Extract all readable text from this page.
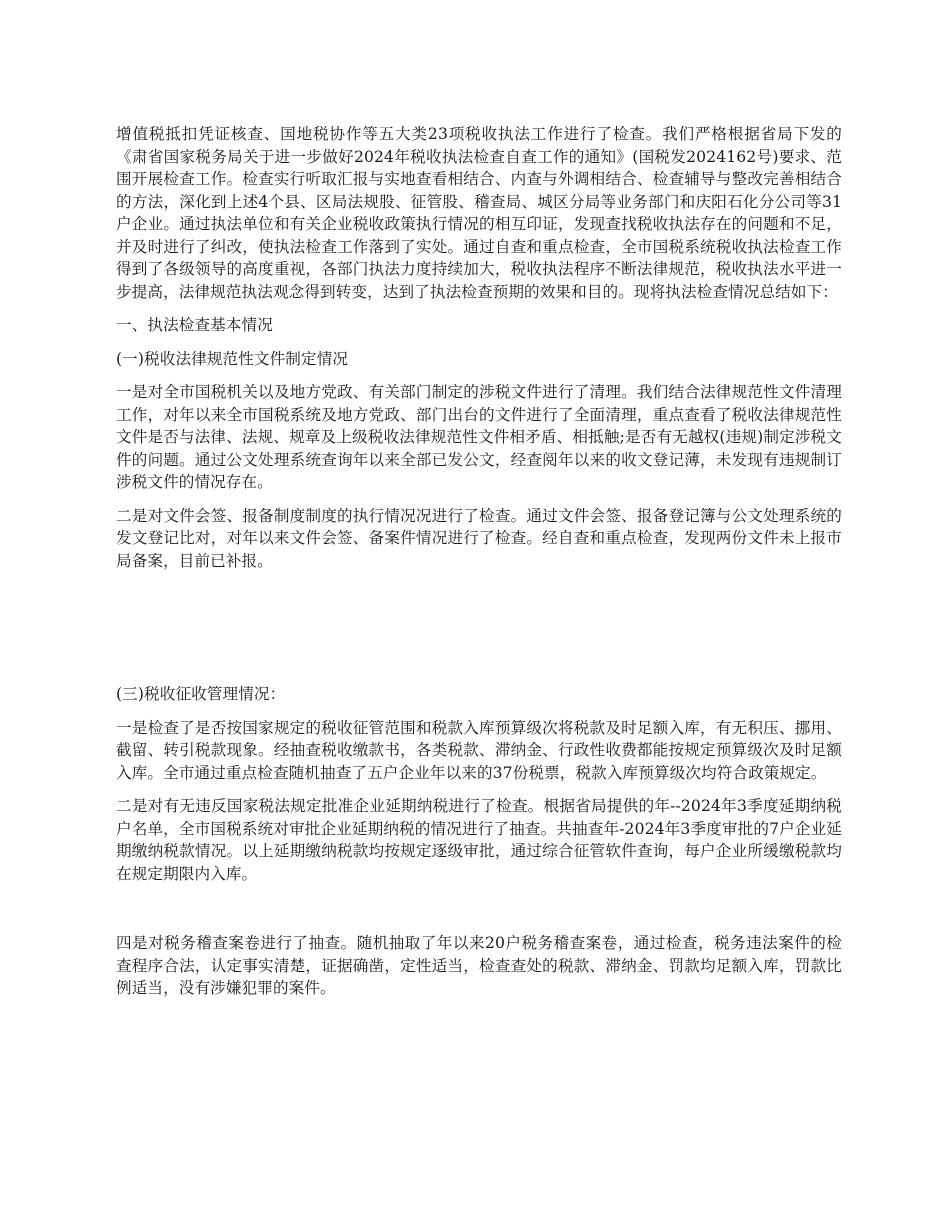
增值税抵扣凭证核查、国地税协作等五大类23项税收执法工作进行了检查。我们严格根据省局下发的《肃省国家税务局关于进一步做好2024年税收执法检查自查工作的通知》(国税发2024162号)要求、范围开展检查工作。检查实行听取汇报与实地查看相结合、内查与外调相结合、检查辅导与整改完善相结合的方法，深化到上述4个县、区局法规股、征管股、稽查局、城区分局等业务部门和庆阳石化分公司等31户企业。通过执法单位和有关企业税收政策执行情况的相互印证，发现查找税收执法存在的问题和不足，并及时进行了纠改，使执法检查工作落到了实处。通过自查和重点检查，全市国税系统税收执法检查工作得到了各级领导的高度重视，各部门执法力度持续加大，税收执法程序不断法律规范，税收执法水平进一步提高，法律规范执法观念得到转变，达到了执法检查预期的效果和目的。现将执法检查情况总结如下：

一、执法检查基本情况

(一)税收法律规范性文件制定情况

一是对全市国税机关以及地方党政、有关部门制定的涉税文件进行了清理。我们结合法律规范性文件清理工作，对年以来全市国税系统及地方党政、部门出台的文件进行了全面清理，重点查看了税收法律规范性文件是否与法律、法规、规章及上级税收法律规范性文件相矛盾、相抵触;是否有无越权(违规)制定涉税文件的问题。通过公文处理系统查询年以来全部已发公文，经查阅年以来的收文登记薄，未发现有违规制订涉税文件的情况存在。

二是对文件会签、报备制度制度的执行情况况进行了检查。通过文件会签、报备登记簿与公文处理系统的发文登记比对，对年以来文件会签、备案件情况进行了检查。经自查和重点检查，发现两份文件未上报市局备案，目前已补报。

(三)税收征收管理情况：

一是检查了是否按国家规定的税收征管范围和税款入库预算级次将税款及时足额入库，有无积压、挪用、截留、转引税款现象。经抽查税收缴款书，各类税款、滞纳金、行政性收费都能按规定预算级次及时足额入库。全市通过重点检查随机抽查了五户企业年以来的37份税票，税款入库预算级次均符合政策规定。

二是对有无违反国家税法规定批准企业延期纳税进行了检查。根据省局提供的年--2024年3季度延期纳税户名单，全市国税系统对审批企业延期纳税的情况进行了抽查。共抽查年-2024年3季度审批的7户企业延期缴纳税款情况。以上延期缴纳税款均按规定逐级审批，通过综合征管软件查询，每户企业所缓缴税款均在规定期限内入库。

四是对税务稽查案卷进行了抽查。随机抽取了年以来20户税务稽查案卷，通过检查，税务违法案件的检查程序合法，认定事实清楚，证据确凿，定性适当，检查查处的税款、滞纳金、罚款均足额入库，罚款比例适当，没有涉嫌犯罪的案件。
